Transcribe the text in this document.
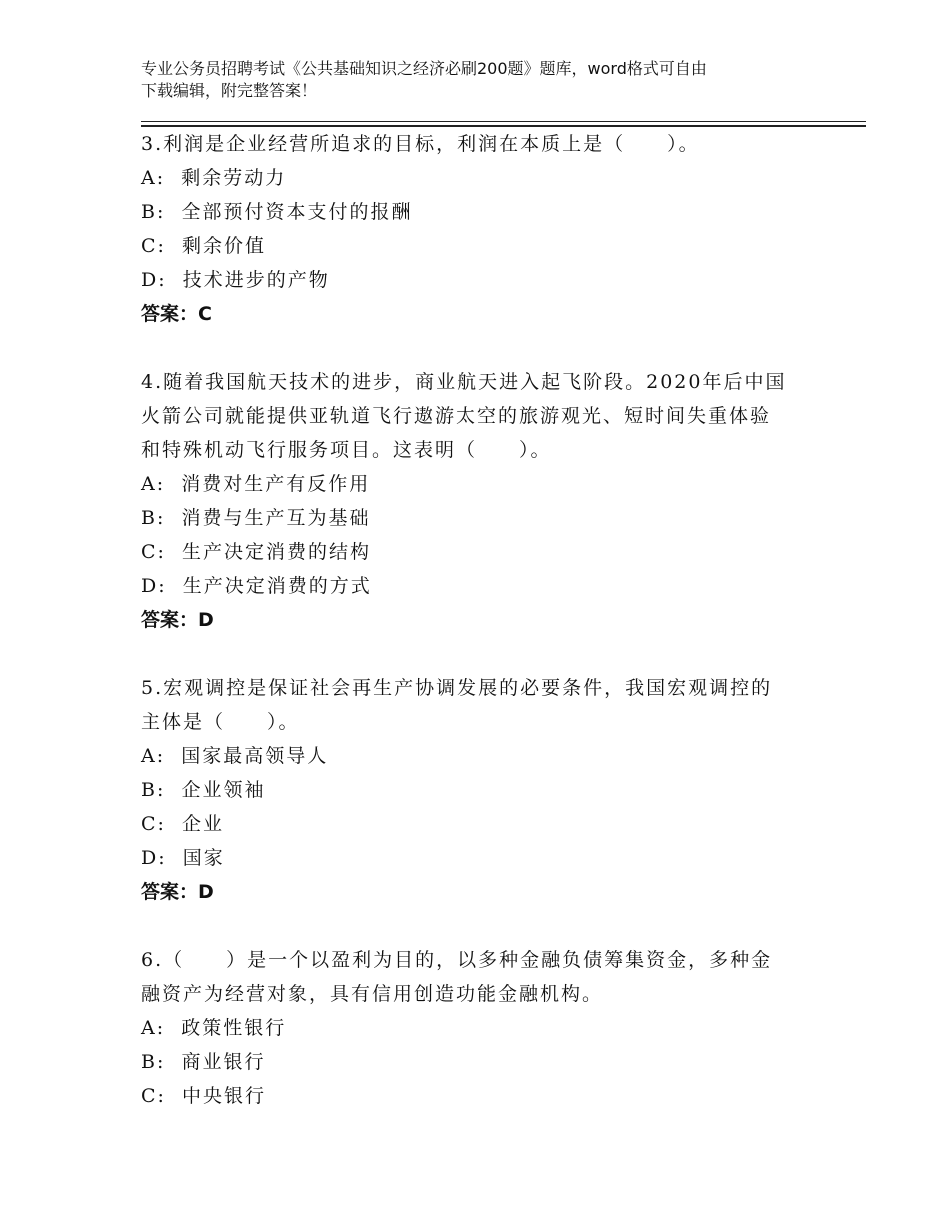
专业公务员招聘考试《公共基础知识之经济必刷200题》题库，word格式可自由
下载编辑，附完整答案！

3.利润是企业经营所追求的目标，利润在本质上是（　　）。

A:  剩余劳动力

B:  全部预付资本支付的报酬

C:  剩余价值

D:  技术进步的产物

答案：C

4.随着我国航天技术的进步，商业航天进入起飞阶段。2020年后中国

火箭公司就能提供亚轨道飞行遨游太空的旅游观光、短时间失重体验

和特殊机动飞行服务项目。这表明（　　）。

A:  消费对生产有反作用

B:  消费与生产互为基础

C:  生产决定消费的结构

D:  生产决定消费的方式

答案：D

5.宏观调控是保证社会再生产协调发展的必要条件，我国宏观调控的

主体是（　　）。

A:  国家最高领导人

B:  企业领袖

C:  企业

D:  国家

答案：D

6.（　　）是一个以盈利为目的，以多种金融负债筹集资金，多种金

融资产为经营对象，具有信用创造功能金融机构。

A:  政策性银行

B:  商业银行

C:  中央银行
